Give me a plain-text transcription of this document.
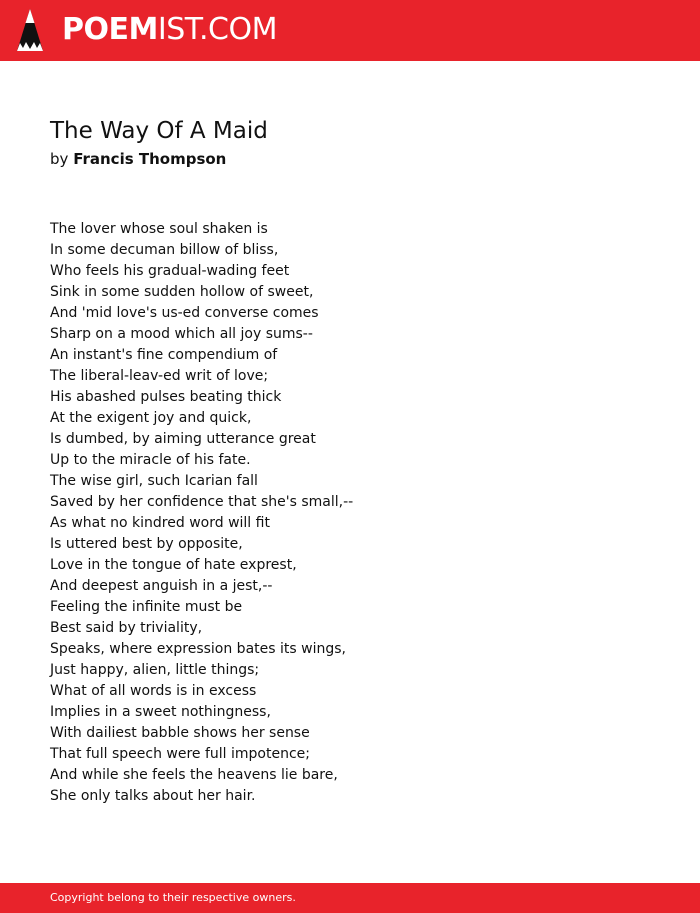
POEMIST.COM
The Way Of A Maid
by Francis Thompson
The lover whose soul shaken is
In some decuman billow of bliss,
Who feels his gradual-wading feet
Sink in some sudden hollow of sweet,
And 'mid love's us-ed converse comes
Sharp on a mood which all joy sums--
An instant's fine compendium of
The liberal-leav-ed writ of love;
His abashed pulses beating thick
At the exigent joy and quick,
Is dumbed, by aiming utterance great
Up to the miracle of his fate.
The wise girl, such Icarian fall
Saved by her confidence that she's small,--
As what no kindred word will fit
Is uttered best by opposite,
Love in the tongue of hate exprest,
And deepest anguish in a jest,--
Feeling the infinite must be
Best said by triviality,
Speaks, where expression bates its wings,
Just happy, alien, little things;
What of all words is in excess
Implies in a sweet nothingness,
With dailiest babble shows her sense
That full speech were full impotence;
And while she feels the heavens lie bare,
She only talks about her hair.
Copyright belong to their respective owners.
